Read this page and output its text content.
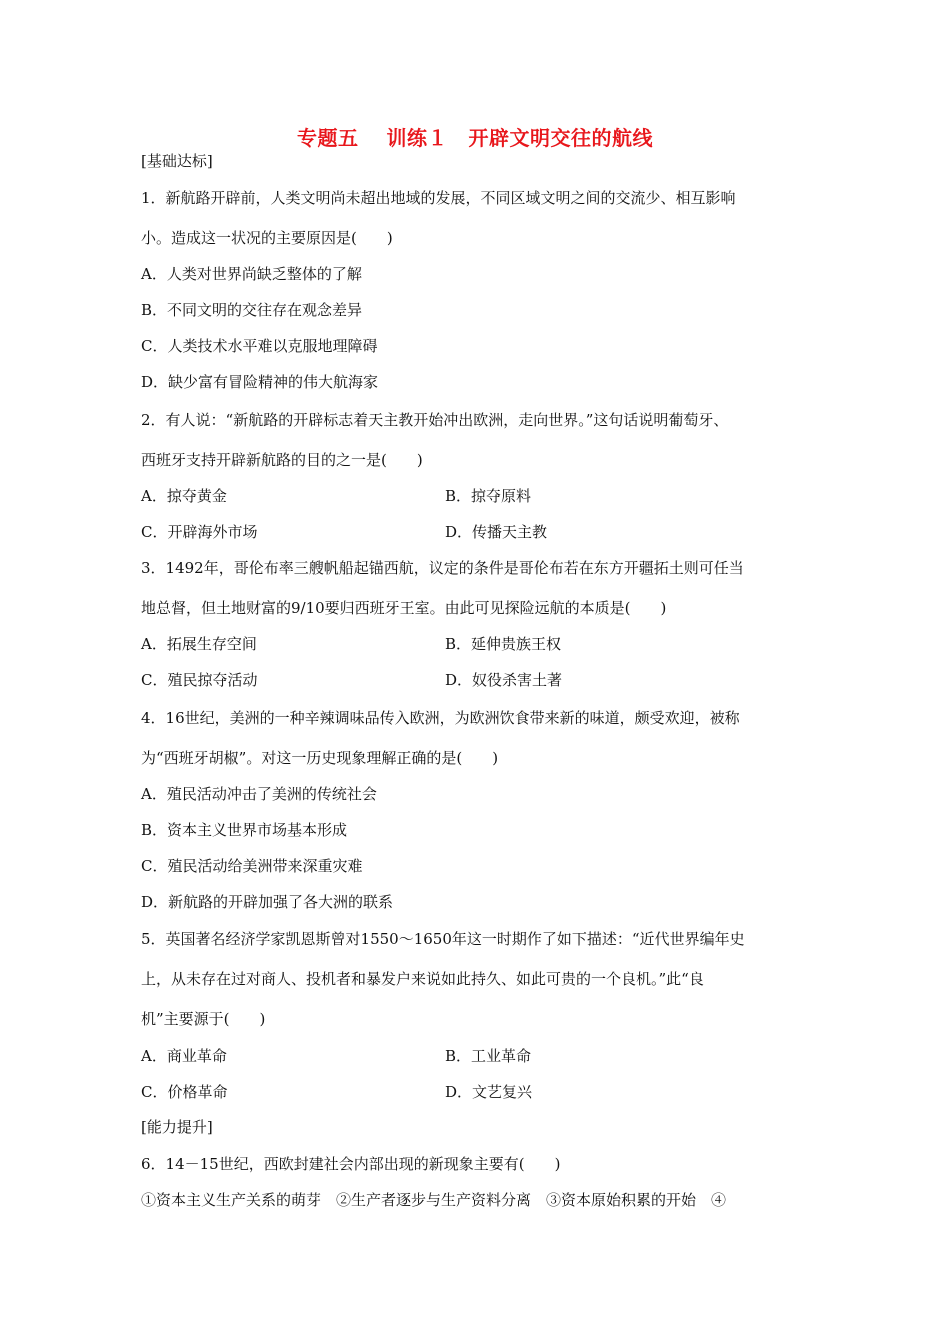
专题五　 训练１　开辟文明交往的航线
[基础达标]
1．新航路开辟前，人类文明尚未超出地域的发展，不同区域文明之间的交流少、相互影响
小。造成这一状况的主要原因是(　　)
A．人类对世界尚缺乏整体的了解
B．不同文明的交往存在观念差异
C．人类技术水平难以克服地理障碍
D．缺少富有冒险精神的伟大航海家
2．有人说：“新航路的开辟标志着天主教开始冲出欧洲，走向世界。”这句话说明葡萄牙、
西班牙支持开辟新航路的目的之一是(　　)
A．掠夺黄金	B．掠夺原料
C．开辟海外市场	D．传播天主教
3．1492年，哥伦布率三艘帆船起锚西航，议定的条件是哥伦布若在东方开疆拓土则可任当
地总督，但土地财富的9/10要归西班牙王室。由此可见探险远航的本质是(　　)
A．拓展生存空间	B．延伸贵族王权
C．殖民掠夺活动	D．奴役杀害土著
4．16世纪，美洲的一种辛辣调味品传入欧洲，为欧洲饮食带来新的味道，颇受欢迎，被称
为“西班牙胡椒”。对这一历史现象理解正确的是(　　)
A．殖民活动冲击了美洲的传统社会
B．资本主义世界市场基本形成
C．殖民活动给美洲带来深重灾难
D．新航路的开辟加强了各大洲的联系
5．英国著名经济学家凯恩斯曾对1550～1650年这一时期作了如下描述：“近代世界编年史
上，从未存在过对商人、投机者和暴发户来说如此持久、如此可贵的一个良机。”此“良
机”主要源于(　　)
A．商业革命	B．工业革命
C．价格革命	D．文艺复兴
[能力提升]
6．14－15世纪，西欧封建社会内部出现的新现象主要有(　　)
①资本主义生产关系的萌芽　②生产者逐步与生产资料分离　③资本原始积累的开始　④
